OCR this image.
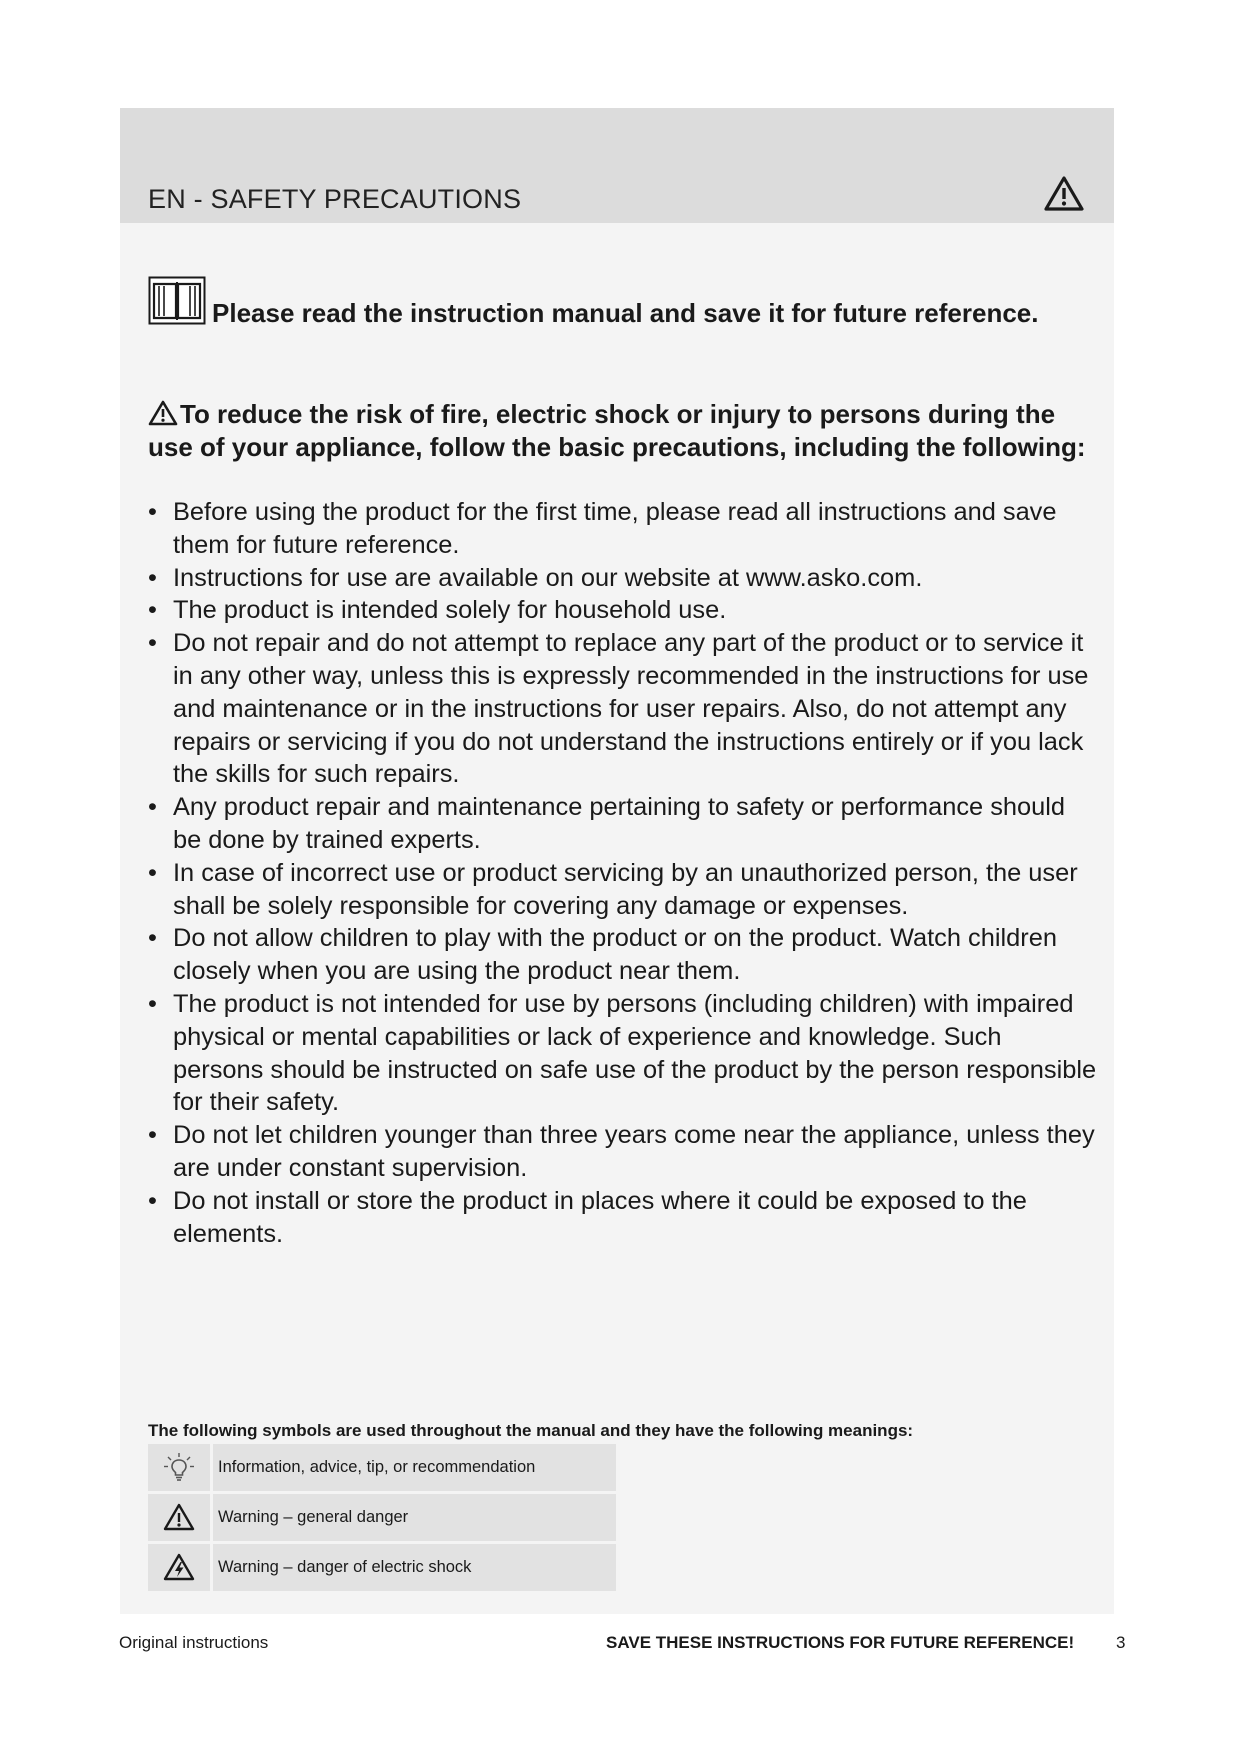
EN - SAFETY PRECAUTIONS
Please read the instruction manual and save it for future reference.
To reduce the risk of fire, electric shock or injury to persons during the use of your appliance, follow the basic precautions, including the following:
• Before using the product for the first time, please read all instructions and save them for future reference.
• Instructions for use are available on our website at www.asko.com.
• The product is intended solely for household use.
• Do not repair and do not attempt to replace any part of the product or to service it in any other way, unless this is expressly recommended in the instructions for use and maintenance or in the instructions for user repairs. Also, do not attempt any repairs or servicing if you do not understand the instructions entirely or if you lack the skills for such repairs.
• Any product repair and maintenance pertaining to safety or performance should be done by trained experts.
• In case of incorrect use or product servicing by an unauthorized person, the user shall be solely responsible for covering any damage or expenses.
• Do not allow children to play with the product or on the product. Watch children closely when you are using the product near them.
• The product is not intended for use by persons (including children) with impaired physical or mental capabilities or lack of experience and knowledge. Such persons should be instructed on safe use of the product by the person responsible for their safety.
• Do not let children younger than three years come near the appliance, unless they are under constant supervision.
• Do not install or store the product in places where it could be exposed to the elements.
The following symbols are used throughout the manual and they have the following meanings:
Information, advice, tip, or recommendation
Warning – general danger
Warning – danger of electric shock
Original instructions	SAVE THESE INSTRUCTIONS FOR FUTURE REFERENCE! 3
